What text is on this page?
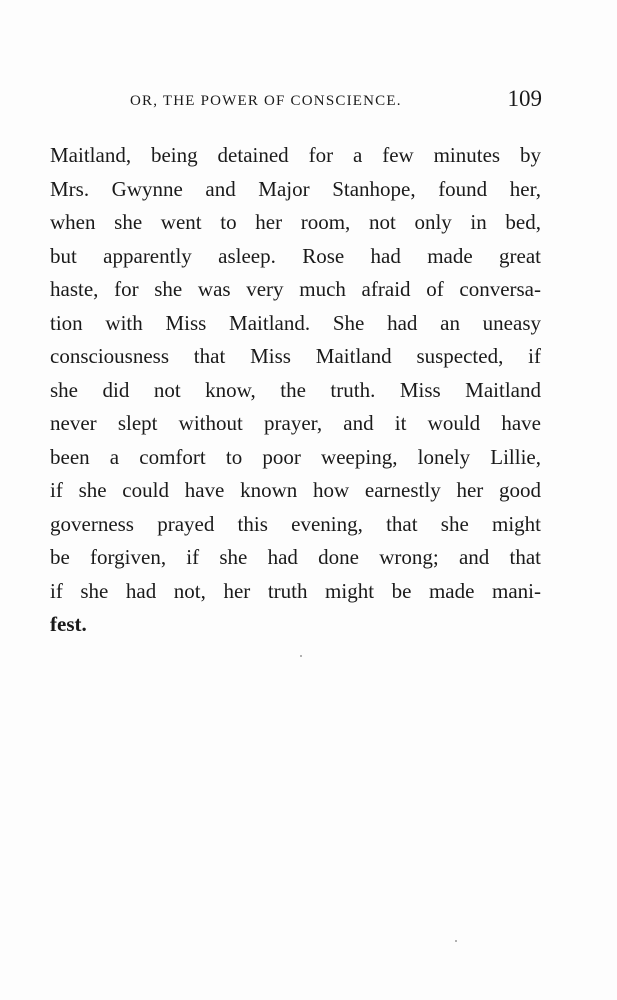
OR, THE POWER OF CONSCIENCE.	109
Maitland, being detained for a few minutes by
Mrs. Gwynne and Major Stanhope, found her,
when she went to her room, not only in bed,
but apparently asleep. Rose had made great
haste, for she was very much afraid of conversa-
tion with Miss Maitland. She had an uneasy
consciousness that Miss Maitland suspected, if
she did not know, the truth. Miss Maitland
never slept without prayer, and it would have
been a comfort to poor weeping, lonely Lillie,
if she could have known how earnestly her good
governess prayed this evening, that she might
be forgiven, if she had done wrong; and that
if she had not, her truth might be made mani-
fest.
